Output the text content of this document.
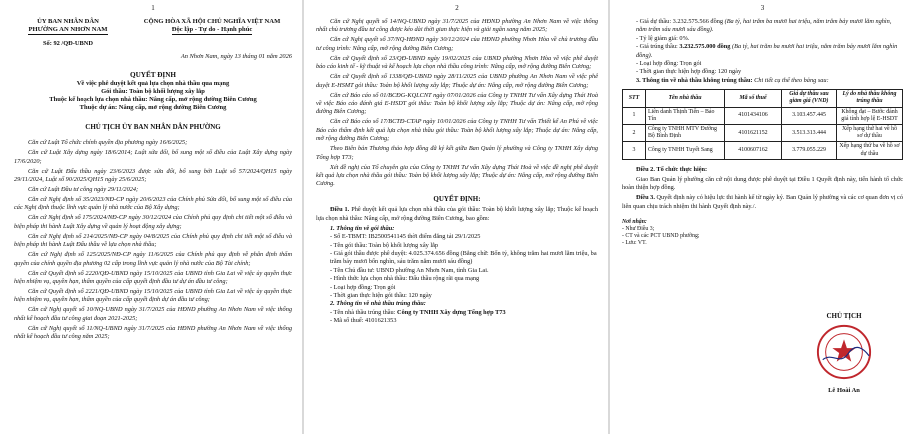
1
ỦY BAN NHÂN DÂN
PHƯỜNG AN NHƠN NAM
Số: 92 /QĐ-UBND
CỘNG HÒA XÃ HỘI CHỦ NGHĨA VIỆT NAM
Độc lập - Tự do - Hạnh phúc
An Nhơn Nam, ngày 13 tháng 01 năm 2026
QUYẾT ĐỊNH
Về việc phê duyệt kết quả lựa chọn nhà thầu qua mạng
Gói thầu: Toàn bộ khối lượng xây lắp
Thuộc kế hoạch lựa chọn nhà thầu: Nâng cấp, mở rộng đường Biên Cương
Thuộc dự án: Nâng cấp, mở rộng đường Biên Cương
CHỦ TỊCH ỦY BAN NHÂN DÂN PHƯỜNG
Căn cứ Luật Tổ chức chính quyền địa phương ngày 16/6/2025;
Căn cứ Luật Xây dựng ngày 18/6/2014; Luật sửa đổi, bổ sung một số điều của Luật Xây dựng ngày 17/6/2020;
Căn cứ Luật Đấu thầu ngày 23/6/2023 được sửa đổi, bổ sung bởi Luật số 57/2024/QH15 ngày 29/11/2024, Luật số 90/2025/QH15 ngày 25/6/2025;
Căn cứ Luật Đầu tư công ngày 29/11/2024;
Căn cứ Nghị định số 35/2023/NĐ-CP ngày 20/6/2023 của Chính phủ Sửa đổi, bổ sung một số điều của các Nghị định thuộc lĩnh vực quản lý nhà nước của Bộ Xây dựng;
Căn cứ Nghị định số 175/2024/NĐ-CP ngày 30/12/2024 của Chính phủ quy định chi tiết một số điều và biện pháp thi hành Luật Xây dựng về quản lý hoạt động xây dựng;
Căn cứ Nghị định số 214/2025/NĐ-CP ngày 04/8/2025 của Chính phủ quy định chi tiết một số điều và biện pháp thi hành Luật Đấu thầu về lựa chọn nhà thầu;
Căn cứ Nghị định số 125/2025/NĐ-CP ngày 11/6/2025 của Chính phủ quy định về phân định thẩm quyền của chính quyền địa phương 02 cấp trong lĩnh vực quản lý nhà nước của Bộ Tài chính;
Căn cứ Quyết định số 2220/QĐ-UBND ngày 15/10/2025 của UBND tỉnh Gia Lai về việc ủy quyền thực hiện nhiệm vụ, quyền hạn, thẩm quyền của cấp quyết định đầu tư dự án đầu tư công;
Căn cứ Quyết định số 2221/QĐ-UBND ngày 15/10/2025 của UBND tỉnh Gia Lai về việc ủy quyền thực hiện nhiệm vụ, quyền hạn, thẩm quyền của cấp quyết định dự án đầu tư công;
Căn cứ Nghị quyết số 10/NQ-UBND ngày 31/7/2025 của HĐND phường An Nhơn Nam về việc thống nhất kế hoạch đầu tư công giai đoạn 2021-2025;
Căn cứ Nghị quyết số 11/NQ-UBND ngày 31/7/2025 của HĐND phường An Nhơn Nam về việc thống nhất kế hoạch đầu tư công năm 2025;
2
Căn cứ Nghị quyết số 14/NQ-UBND ngày 31/7/2025 của HĐND phường An Nhơn Nam về việc thống nhất chủ trương đầu tư công được kéo dài thời gian thực hiện và giải ngân sang năm 2025;
Căn cứ Nghị quyết số 37/NQ-HĐND ngày 30/12/2024 của HĐND phường Nhơn Hòa về chủ trương đầu tư công trình: Nâng cấp, mở rộng đường Biên Cương;
Căn cứ Quyết định số 23/QĐ-UBND ngày 19/02/2025 của UBND phường Nhơn Hòa về việc phê duyệt báo cáo kinh tế - kỹ thuật và kế hoạch lựa chọn nhà thầu công trình: Nâng cấp, mở rộng đường Biên Cương;
Căn cứ Quyết định số 1338/QĐ-UBND ngày 28/11/2025 của UBND phường An Nhơn Nam về việc phê duyệt E-HSMT gói thầu: Toàn bộ khối lượng xây lắp; Thuộc dự án: Nâng cấp, mở rộng đường Biên Cương;
Căn cứ Báo cáo số 01/BCĐG-KQLCNT ngày 07/01/2026 của Công ty TNHH Tư vấn Xây dựng Thái Hoà về việc Báo cáo đánh giá E-HSDT gói thầu: Toàn bộ khối lượng xây lắp; Thuộc dự án: Nâng cấp, mở rộng đường Biên Cương;
Căn cứ Báo cáo số 17/BCTĐ-CTAP ngày 10/01/2026 của Công ty TNHH Tư vấn Thiết kế An Phú về việc Báo cáo thẩm định kết quả lựa chọn nhà thầu gói thầu: Toàn bộ khối lượng xây lắp; Thuộc dự án: Nâng cấp, mở rộng đường Biên Cương;
Theo Biên bản Thương thảo hợp đồng đã ký kết giữa Ban Quản lý phường và Công ty TNHH Xây dựng Tổng hợp T73;
Xét đề nghị của Tổ chuyên gia của Công ty TNHH Tư vấn Xây dựng Thái Hoà về việc đề nghị phê duyệt kết quả lựa chọn nhà thầu gói thầu: Toàn bộ khối lượng xây lắp; Thuộc dự án: Nâng cấp, mở rộng đường Biên Cương.
QUYẾT ĐỊNH:
Điều 1. Phê duyệt kết quả lựa chọn nhà thầu của gói thầu: Toàn bộ khối lượng xây lắp; Thuộc kế hoạch lựa chọn nhà thầu: Nâng cấp, mở rộng đường Biên Cương, bao gồm:
1. Thông tin về gói thầu:
- Số E-TBMT: IB2500541145 thời điểm đăng tải 29/1/2025
- Tên gói thầu: Toàn bộ khối lượng xây lắp
- Giá gói thầu được phê duyệt: 4.025.374.656 đồng (Bằng chữ: Bốn tỷ, không trăm hai mươi lăm triệu, ba trăm bảy mươi bốn nghìn, sáu trăm năm mươi sáu đồng)
- Tên Chủ đầu tư: UBND phường An Nhơn Nam, tỉnh Gia Lai.
- Hình thức lựa chọn nhà thầu: Đấu thầu rộng rãi qua mạng
- Loại hợp đồng: Trọn gói
- Thời gian thực hiện gói thầu: 120 ngày
2. Thông tin về nhà thầu trúng thầu:
- Tên nhà thầu trúng thầu: Công ty TNHH Xây dựng Tổng hợp T73
- Mã số thuế: 4101621353
3
- Giá dự thầu: 3.232.575.566 đồng (Ba tỷ, hai trăm ba mươi hai triệu, năm trăm bảy mươi lăm nghìn, năm trăm sáu mươi sáu đồng).
- Tỷ lệ giảm giá: 0%.
- Giá trúng thầu: 3.232.575.000 đồng (Ba tỷ, hai trăm ba mươi hai triệu, năm trăm bảy mươi lăm nghìn đồng).
- Loại hợp đồng: Trọn gói
- Thời gian thực hiện hợp đồng: 120 ngày
3. Thông tin về nhà thầu không trúng thầu: Chi tiết cụ thể theo bảng sau:
STT	Tên nhà thầu	Mã số thuế	Giá dự thầu sau giảm giá (VND)	Lý do nhà thầu không trúng thầu
1	Liên danh Thịnh Tiến – Bảo Tín	4101434106	3.103.457.445	Không đạt – Bước đánh giá tính hợp lệ E-HSDT
2	Công ty TNHH MTV Đường Bộ Bình Định	4101621152	3.513.313.444	Xếp hạng thứ hai về hồ sơ dự thầu
3	Công ty TNHH Tuyết Sang	4100607162	3.779.055.229	Xếp hạng thứ ba về hồ sơ dự thầu
Điều 2. Tổ chức thực hiện:
Giao Ban Quản lý phường căn cứ nội dung được phê duyệt tại Điều 1 Quyết định này, tiến hành tổ chức hoàn thiện hợp đồng.
Điều 3. Quyết định này có hiệu lực thi hành kể từ ngày ký. Ban Quản lý phường và các cơ quan đơn vị có liên quan chịu trách nhiệm thi hành Quyết định này./.
Nơi nhận:
- Như Điều 3;
- CT và các PCT UBND phường;
- Lưu: VT.
CHỦ TỊCH
Lê Hoài An
